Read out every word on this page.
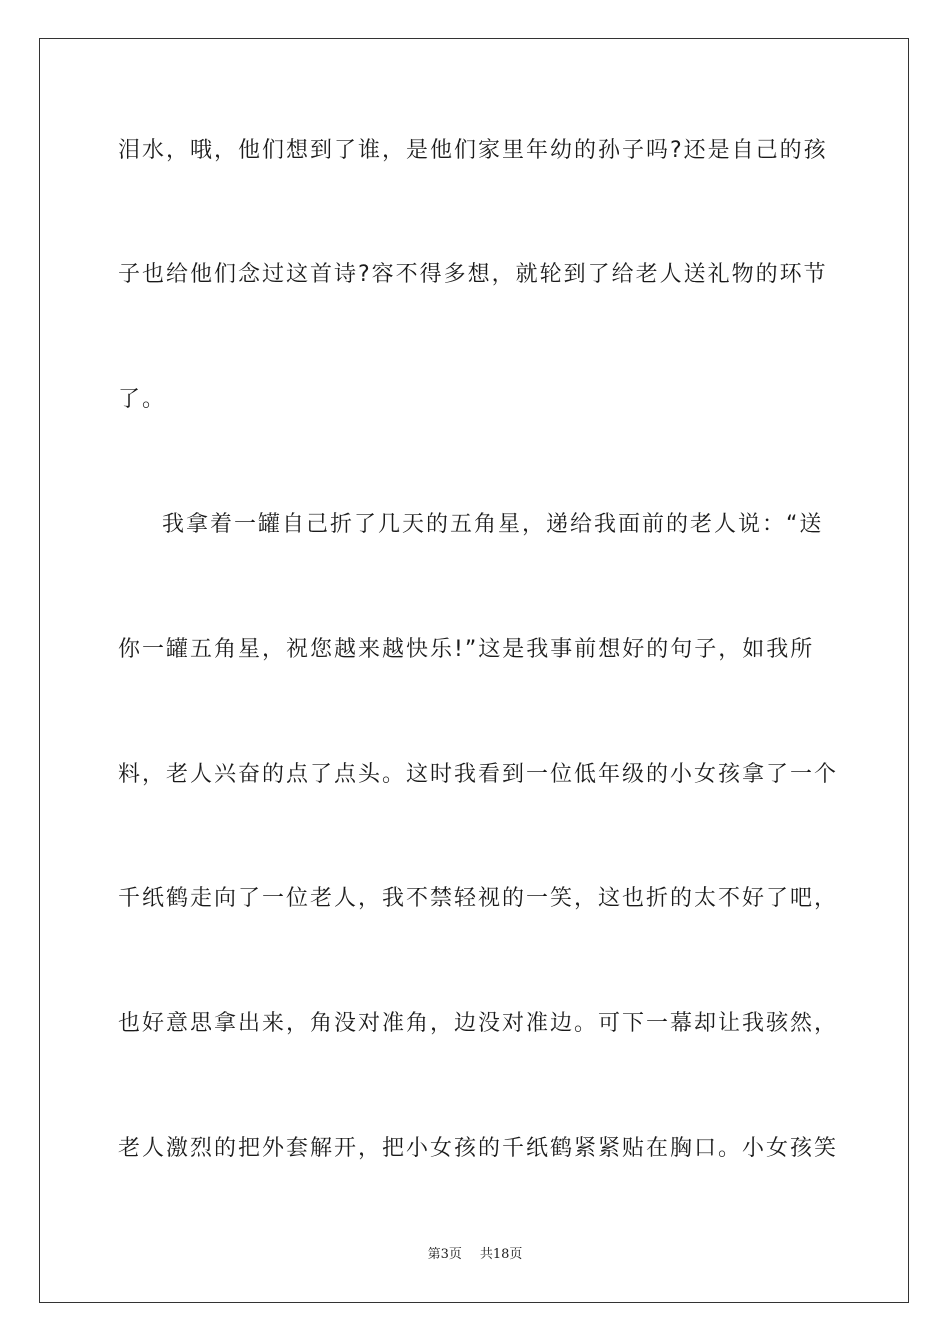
泪水，哦，他们想到了谁，是他们家里年幼的孙子吗?还是自己的孩
子也给他们念过这首诗?容不得多想，就轮到了给老人送礼物的环节
了。
我拿着一罐自己折了几天的五角星，递给我面前的老人说：“送
你一罐五角星，祝您越来越快乐!”这是我事前想好的句子，如我所
料，老人兴奋的点了点头。这时我看到一位低年级的小女孩拿了一个
千纸鹤走向了一位老人，我不禁轻视的一笑，这也折的太不好了吧，
也好意思拿出来，角没对准角，边没对准边。可下一幕却让我骇然，
老人激烈的把外套解开，把小女孩的千纸鹤紧紧贴在胸口。小女孩笑
第3页 共18页
